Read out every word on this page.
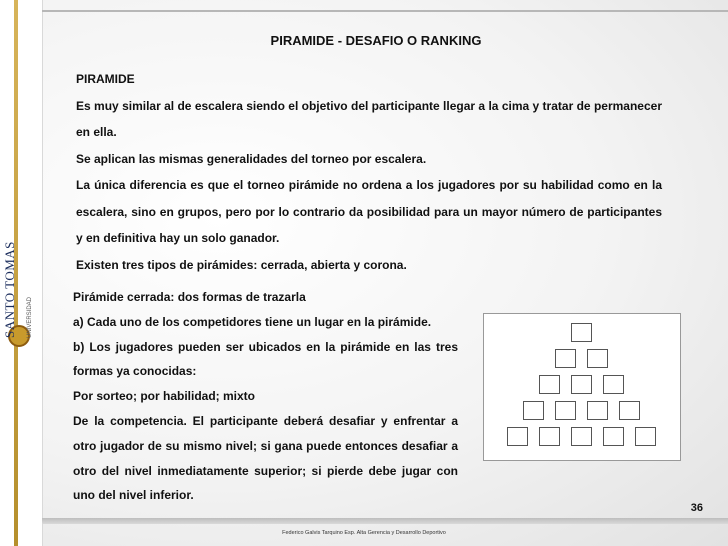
UNIVERSIDAD
SANTO TOMAS
PIRAMIDE - DESAFIO O RANKING

PIRAMIDE

Es muy similar al de escalera siendo el objetivo del participante llegar a la cima y tratar de permanecer en ella.

Se aplican las mismas generalidades del torneo por escalera.

La única diferencia es que el torneo pirámide no ordena a los jugadores por su habilidad como en la escalera, sino en grupos, pero por lo contrario da posibilidad para un mayor número de participantes y en definitiva hay un solo ganador.

Existen tres tipos de pirámides: cerrada, abierta y corona.

Pirámide cerrada: dos formas de trazarla

a) Cada uno de los competidores tiene un lugar en la pirámide.

b) Los jugadores pueden ser ubicados en la pirámide en las tres formas ya conocidas:

Por sorteo; por habilidad; mixto

De la competencia. El participante deberá desafiar y enfrentar a otro jugador de su mismo nivel; si gana puede entonces desafiar a otro del nivel inmediatamente superior; si pierde debe jugar con uno del nivel inferior.

36
Federico Galvis Tarquino Esp. Alta Gerencia y Desarrollo Deportivo
